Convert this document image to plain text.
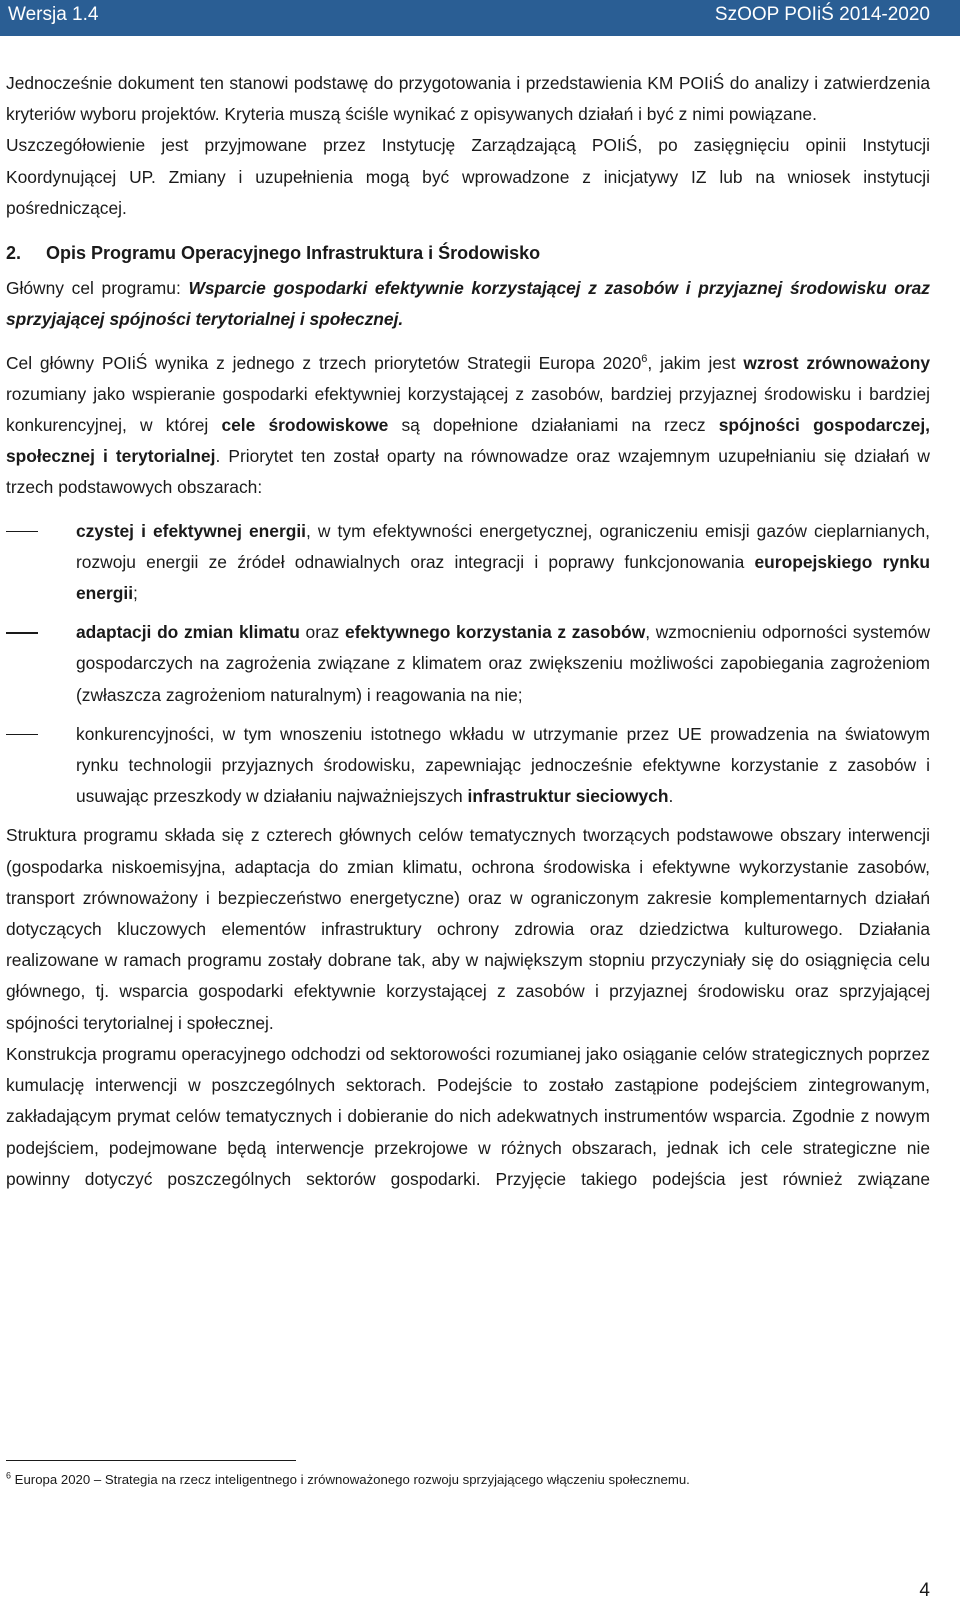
Wersja 1.4	SzOOP POIiŚ 2014-2020

Jednocześnie dokument ten stanowi podstawę do przygotowania i przedstawienia KM POIiŚ do analizy i zatwierdzenia kryteriów wyboru projektów. Kryteria muszą ściśle wynikać z opisywanych działań i być z nimi powiązane.

Uszczegółowienie jest przyjmowane przez Instytucję Zarządzającą POIiŚ, po zasięgnięciu opinii Instytucji Koordynującej UP. Zmiany i uzupełnienia mogą być wprowadzone z inicjatywy IZ lub na wniosek instytucji pośredniczącej.

2. Opis Programu Operacyjnego Infrastruktura i Środowisko

Główny cel programu: Wsparcie gospodarki efektywnie korzystającej z zasobów i przyjaznej środowisku oraz sprzyjającej spójności terytorialnej i społecznej.

Cel główny POIiŚ wynika z jednego z trzech priorytetów Strategii Europa 2020$^6$, jakim jest wzrost zrównoważony rozumiany jako wspieranie gospodarki efektywniej korzystającej z zasobów, bardziej przyjaznej środowisku i bardziej konkurencyjnej, w której cele środowiskowe są dopełnione działaniami na rzecz spójności gospodarczej, społecznej i terytorialnej. Priorytet ten został oparty na równowadze oraz wzajemnym uzupełnianiu się działań w trzech podstawowych obszarach:

czystej i efektywnej energii, w tym efektywności energetycznej, ograniczeniu emisji gazów cieplarnianych, rozwoju energii ze źródeł odnawialnych oraz integracji i poprawy funkcjonowania europejskiego rynku energii;
adaptacji do zmian klimatu oraz efektywnego korzystania z zasobów, wzmocnieniu odporności systemów gospodarczych na zagrożenia związane z klimatem oraz zwiększeniu możliwości zapobiegania zagrożeniom (zwłaszcza zagrożeniom naturalnym) i reagowania na nie;
konkurencyjności, w tym wnoszeniu istotnego wkładu w utrzymanie przez UE prowadzenia na światowym rynku technologii przyjaznych środowisku, zapewniając jednocześnie efektywne korzystanie z zasobów i usuwając przeszkody w działaniu najważniejszych infrastruktur sieciowych.

Struktura programu składa się z czterech głównych celów tematycznych tworzących podstawowe obszary interwencji (gospodarka niskoemisyjna, adaptacja do zmian klimatu, ochrona środowiska i efektywne wykorzystanie zasobów, transport zrównoważony i bezpieczeństwo energetyczne) oraz w ograniczonym zakresie komplementarnych działań dotyczących kluczowych elementów infrastruktury ochrony zdrowia oraz dziedzictwa kulturowego. Działania realizowane w ramach programu zostały dobrane tak, aby w największym stopniu przyczyniały się do osiągnięcia celu głównego, tj. wsparcia gospodarki efektywnie korzystającej z zasobów i przyjaznej środowisku oraz sprzyjającej spójności terytorialnej i społecznej.

Konstrukcja programu operacyjnego odchodzi od sektorowości rozumianej jako osiąganie celów strategicznych poprzez kumulację interwencji w poszczególnych sektorach. Podejście to zostało zastąpione podejściem zintegrowanym, zakładającym prymat celów tematycznych i dobieranie do nich adekwatnych instrumentów wsparcia. Zgodnie z nowym podejściem, podejmowane będą interwencje przekrojowe w różnych obszarach, jednak ich cele strategiczne nie powinny dotyczyć poszczególnych sektorów gospodarki. Przyjęcie takiego podejścia jest również związane

$^6$ Europa 2020 – Strategia na rzecz inteligentnego i zrównoważonego rozwoju sprzyjającego włączeniu społecznemu.
4
